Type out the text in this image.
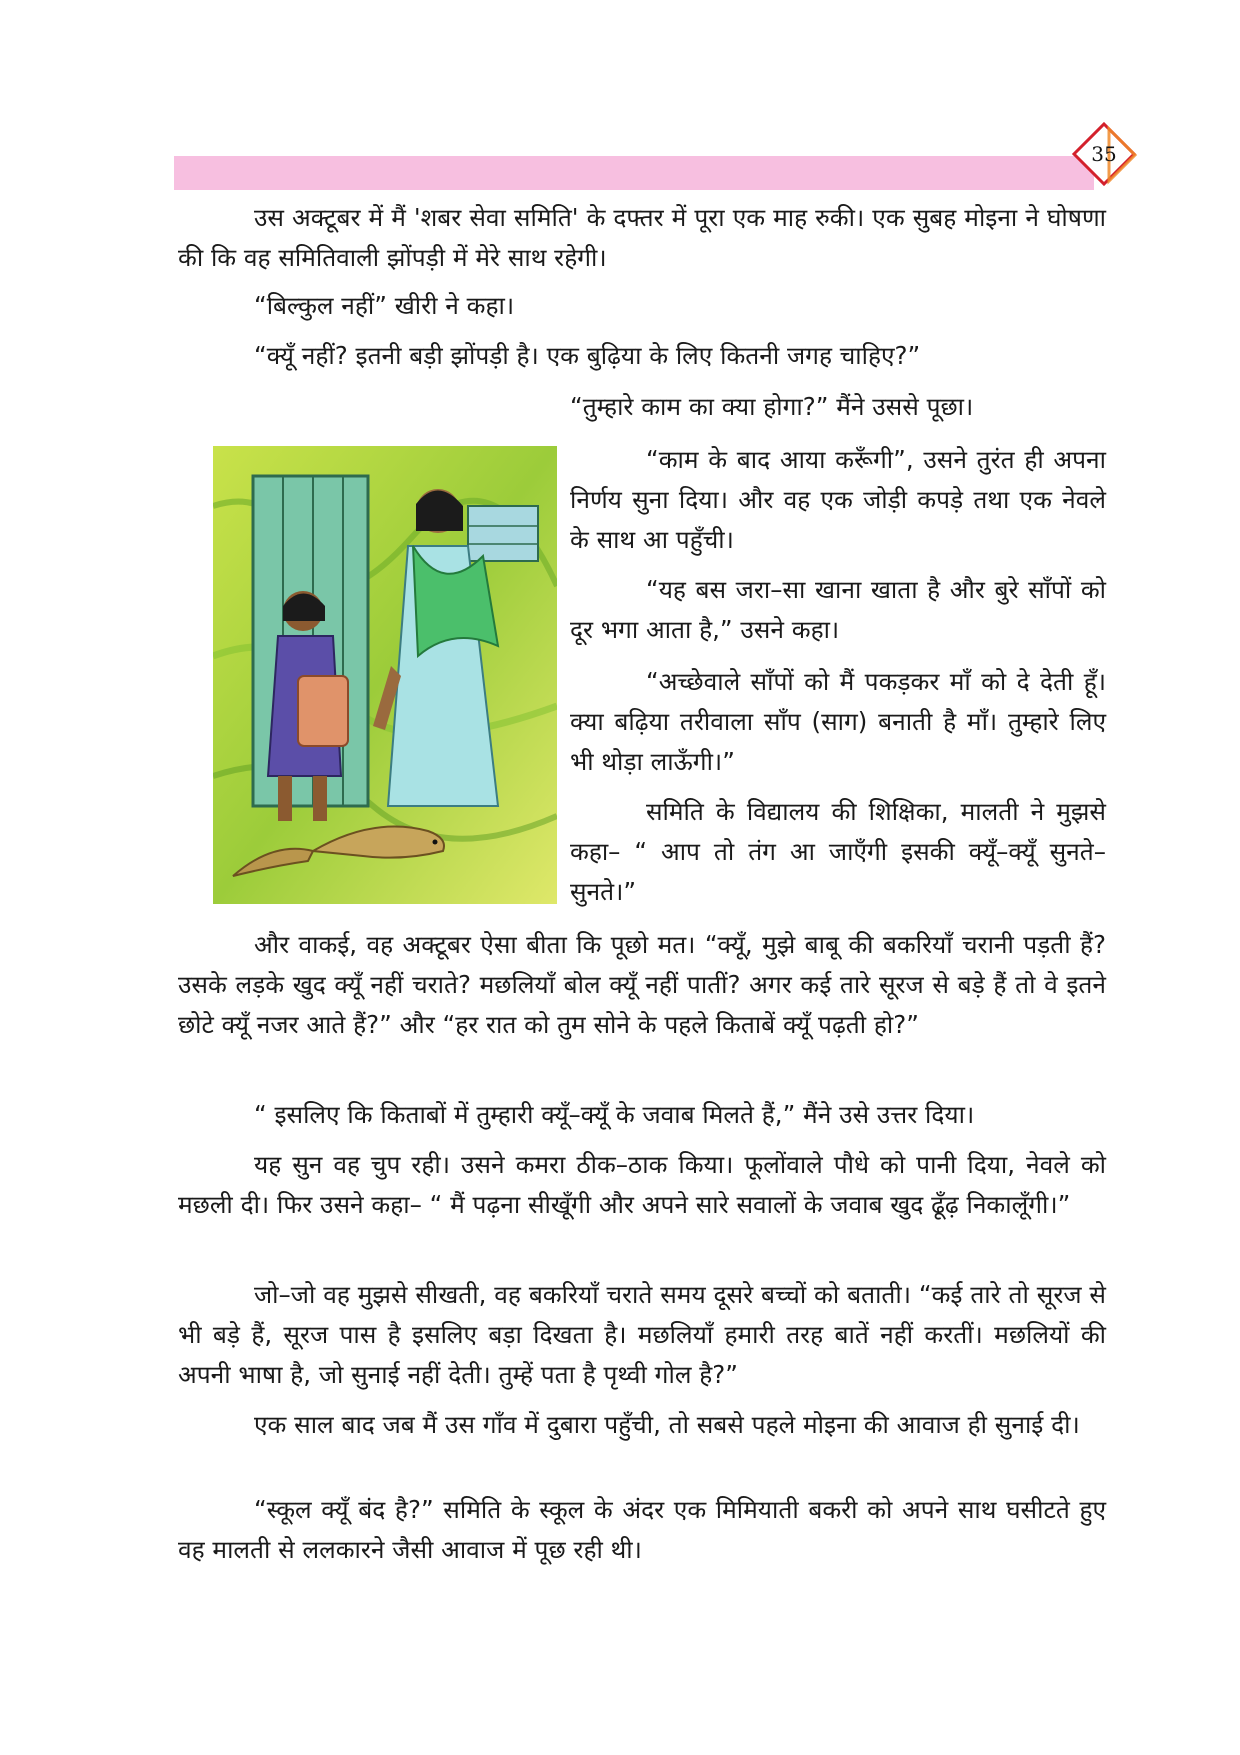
35

उस अक्टूबर में मैं 'शबर सेवा समिति' के दफ्तर में पूरा एक माह रुकी। एक सुबह मोइना ने घोषणा की कि वह समितिवाली झोंपड़ी में मेरे साथ रहेगी।

“बिल्कुल नहीं” खीरी ने कहा।

“क्यूँ नहीं? इतनी बड़ी झोंपड़ी है। एक बुढ़िया के लिए कितनी जगह चाहिए?”

“तुम्हारे काम का क्या होगा?” मैंने उससे पूछा।

“काम के बाद आया करूँगी”, उसने तुरंत ही अपना निर्णय सुना दिया। और वह एक जोड़ी कपड़े तथा एक नेवले के साथ आ पहुँची।

“यह बस जरा–सा खाना खाता है और बुरे साँपों को दूर भगा आता है,” उसने कहा।

“अच्छेवाले साँपों को मैं पकड़कर माँ को दे देती हूँ। क्या बढ़िया तरीवाला साँप (साग) बनाती है माँ। तुम्हारे लिए भी थोड़ा लाऊँगी।”

समिति के विद्यालय की शिक्षिका, मालती ने मुझसे कहा– “ आप तो तंग आ जाएँगी इसकी क्यूँ–क्यूँ सुनते–सुनते।”

और वाकई, वह अक्टूबर ऐसा बीता कि पूछो मत। “क्यूँ, मुझे बाबू की बकरियाँ चरानी पड़ती हैं? उसके लड़के खुद क्यूँ नहीं चराते? मछलियाँ बोल क्यूँ नहीं पातीं? अगर कई तारे सूरज से बड़े हैं तो वे इतने छोटे क्यूँ नजर आते हैं?” और “हर रात को तुम सोने के पहले किताबें क्यूँ पढ़ती हो?”

“ इसलिए कि किताबों में तुम्हारी क्यूँ–क्यूँ के जवाब मिलते हैं,” मैंने उसे उत्तर दिया।

यह सुन वह चुप रही। उसने कमरा ठीक–ठाक किया। फूलोंवाले पौधे को पानी दिया, नेवले को मछली दी। फिर उसने कहा– “ मैं पढ़ना सीखूँगी और अपने सारे सवालों के जवाब खुद ढूँढ़ निकालूँगी।”

जो–जो वह मुझसे सीखती, वह बकरियाँ चराते समय दूसरे बच्चों को बताती। “कई तारे तो सूरज से भी बड़े हैं, सूरज पास है इसलिए बड़ा दिखता है। मछलियाँ हमारी तरह बातें नहीं करतीं। मछलियों की अपनी भाषा है, जो सुनाई नहीं देती। तुम्हें पता है पृथ्वी गोल है?”

एक साल बाद जब मैं उस गाँव में दुबारा पहुँची, तो सबसे पहले मोइना की आवाज ही सुनाई दी।

“स्कूल क्यूँ बंद है?” समिति के स्कूल के अंदर एक मिमियाती बकरी को अपने साथ घसीटते हुए वह मालती से ललकारने जैसी आवाज में पूछ रही थी।
